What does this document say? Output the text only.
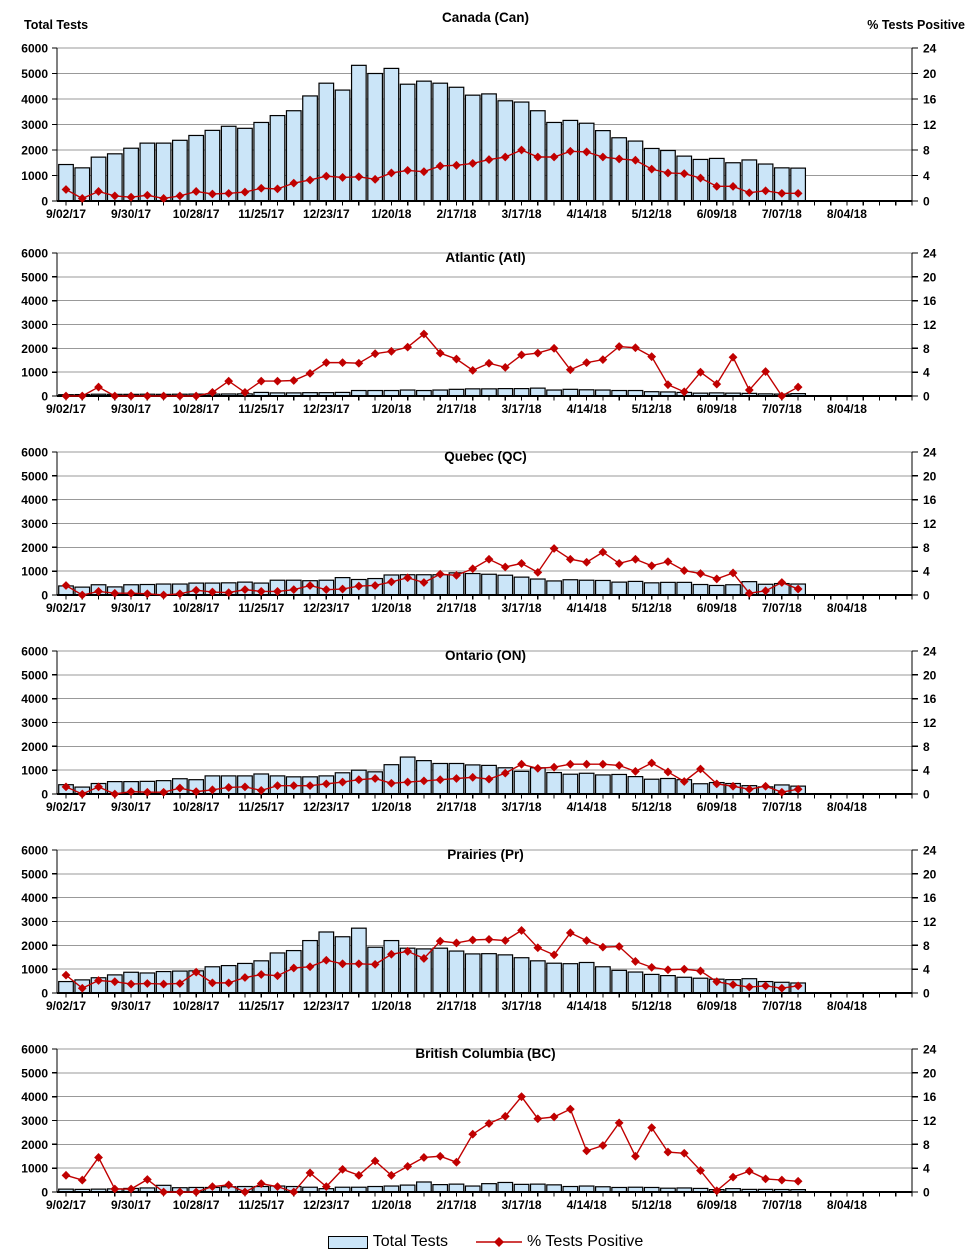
Total Tests	% Tests Positive
Canada (Can)
0
1000
2000
3000
4000
5000
6000
0
4
8
12
16
20
24
9/02/17 9/30/17 10/28/17 11/25/17 12/23/17 1/20/18 2/17/18 3/17/18 4/14/18 5/12/18 6/09/18 7/07/18 8/04/18
Atlantic (Atl)
0
1000
2000
3000
4000
5000
6000
0
4
8
12
16
20
24
9/02/17 9/30/17 10/28/17 11/25/17 12/23/17 1/20/18 2/17/18 3/17/18 4/14/18 5/12/18 6/09/18 7/07/18 8/04/18
Quebec (QC)
0
1000
2000
3000
4000
5000
6000
0
4
8
12
16
20
24
9/02/17 9/30/17 10/28/17 11/25/17 12/23/17 1/20/18 2/17/18 3/17/18 4/14/18 5/12/18 6/09/18 7/07/18 8/04/18
Ontario (ON)
0
1000
2000
3000
4000
5000
6000
0
4
8
12
16
20
24
9/02/17 9/30/17 10/28/17 11/25/17 12/23/17 1/20/18 2/17/18 3/17/18 4/14/18 5/12/18 6/09/18 7/07/18 8/04/18
Prairies (Pr)
0
1000
2000
3000
4000
5000
6000
0
4
8
12
16
20
24
9/02/17 9/30/17 10/28/17 11/25/17 12/23/17 1/20/18 2/17/18 3/17/18 4/14/18 5/12/18 6/09/18 7/07/18 8/04/18
British Columbia (BC)
0
1000
2000
3000
4000
5000
6000
0
4
8
12
16
20
24
9/02/17 9/30/17 10/28/17 11/25/17 12/23/17 1/20/18 2/17/18 3/17/18 4/14/18 5/12/18 6/09/18 7/07/18 8/04/18
Total Tests	% Tests Positive
